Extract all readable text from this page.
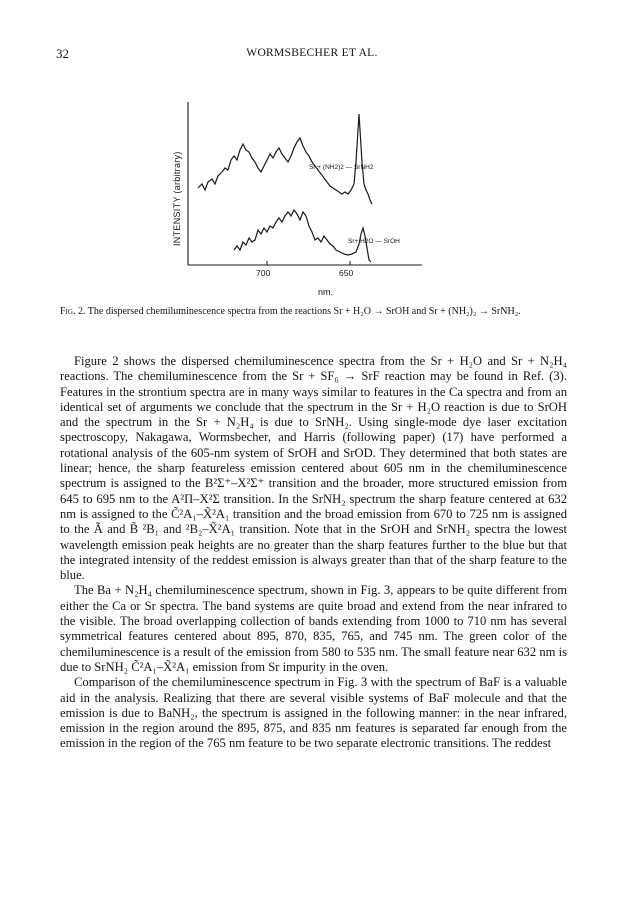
32	WORMSBECHER ET AL.
INTENSITY (arbitrary)
700	650
Sr + (NH2)2 — SrNH2
Sr+ H2O — SrOH
nm.
Fig. 2. The dispersed chemiluminescence spectra from the reactions Sr + H₂O → SrOH and Sr + (NH₂)₂ → SrNH₂.

Figure 2 shows the dispersed chemiluminescence spectra from the Sr + H₂O and Sr + N₂H₄ reactions. The chemiluminescence from the Sr + SF₆ → SrF reaction may be found in Ref. (3). Features in the strontium spectra are in many ways similar to features in the Ca spectra and from an identical set of arguments we conclude that the spectrum in the Sr + H₂O reaction is due to SrOH and the spectrum in the Sr + N₂H₄ is due to SrNH₂. Using single-mode dye laser excitation spectroscopy, Nakagawa, Wormsbecher, and Harris (following paper) (17) have performed a rotational analysis of the 605-nm system of SrOH and SrOD. They determined that both states are linear; hence, the sharp featureless emission centered about 605 nm in the chemiluminescence spectrum is assigned to the B²Σ⁺–X²Σ⁺ transition and the broader, more structured emission from 645 to 695 nm to the A²Π–X²Σ transition. In the SrNH₂ spectrum the sharp feature centered at 632 nm is assigned to the C̃²A₁–X̃²A₁ transition and the broad emission from 670 to 725 nm is assigned to the Ã and B̃ ²B₁ and ²B₂–X̃²A₁ transition. Note that in the SrOH and SrNH₂ spectra the lowest wavelength emission peak heights are no greater than the sharp features further to the blue but that the integrated intensity of the reddest emission is always greater than that of the sharp feature to the blue.

The Ba + N₂H₄ chemiluminescence spectrum, shown in Fig. 3, appears to be quite different from either the Ca or Sr spectra. The band systems are quite broad and extend from the near infrared to the visible. The broad overlapping collection of bands extending from 1000 to 710 nm has several symmetrical features centered about 895, 870, 835, 765, and 745 nm. The green color of the chemiluminescence is a result of the emission from 580 to 535 nm. The small feature near 632 nm is due to SrNH₂ C̃²A₁–X̃²A₁ emission from Sr impurity in the oven.

Comparison of the chemiluminescence spectrum in Fig. 3 with the spectrum of BaF is a valuable aid in the analysis. Realizing that there are several visible systems of BaF molecule and that the emission is due to BaNH₂, the spectrum is assigned in the following manner: in the near infrared, emission in the region around the 895, 875, and 835 nm features is separated far enough from the emission in the region of the 765 nm feature to be two separate electronic transitions. The reddest
